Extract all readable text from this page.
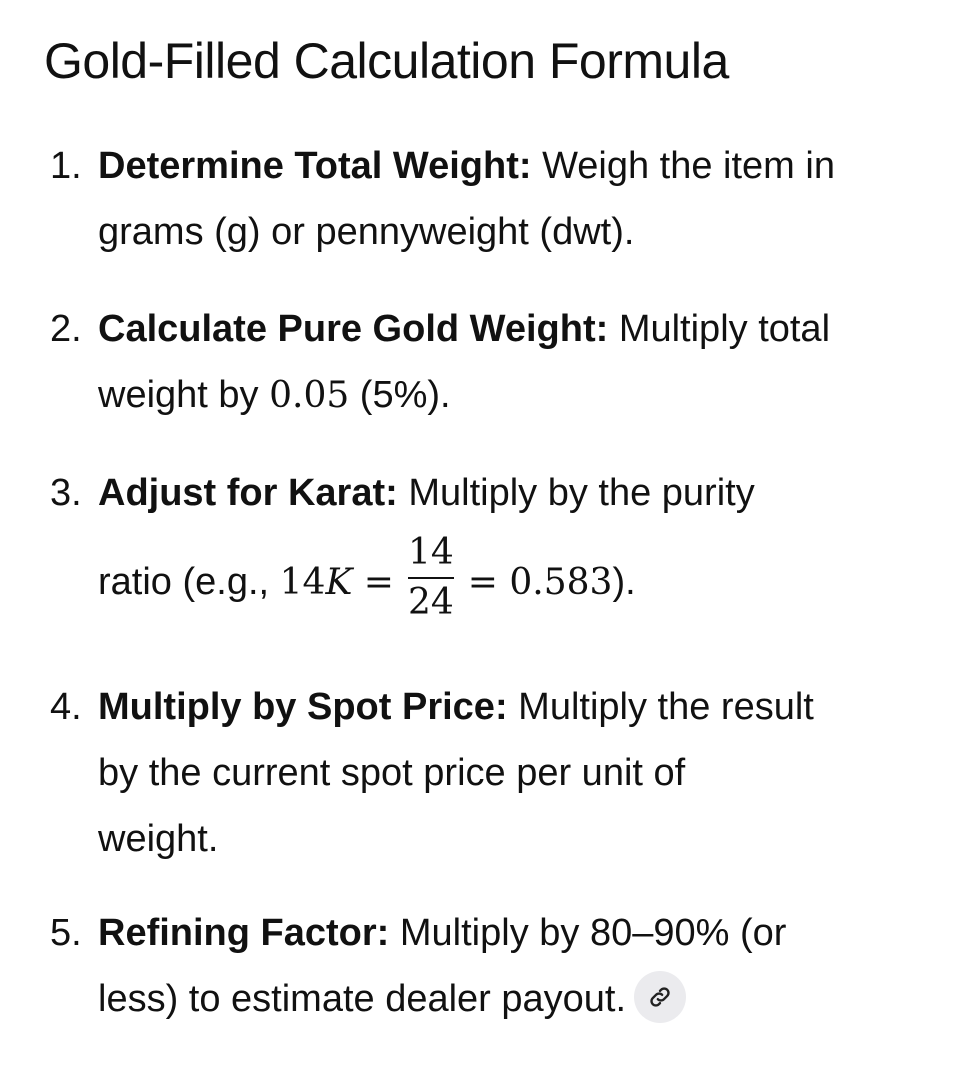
Gold-Filled Calculation Formula
1. Determine Total Weight: Weigh the item in
grams (g) or pennyweight (dwt).
2. Calculate Pure Gold Weight: Multiply total
weight by 0.05 (5%).
3. Adjust for Karat: Multiply by the purity
ratio (e.g., $14K = \frac{14}{24} = 0.583$).
4. Multiply by Spot Price: Multiply the result
by the current spot price per unit of
weight.
5. Refining Factor: Multiply by 80–90% (or
less) to estimate dealer payout.
